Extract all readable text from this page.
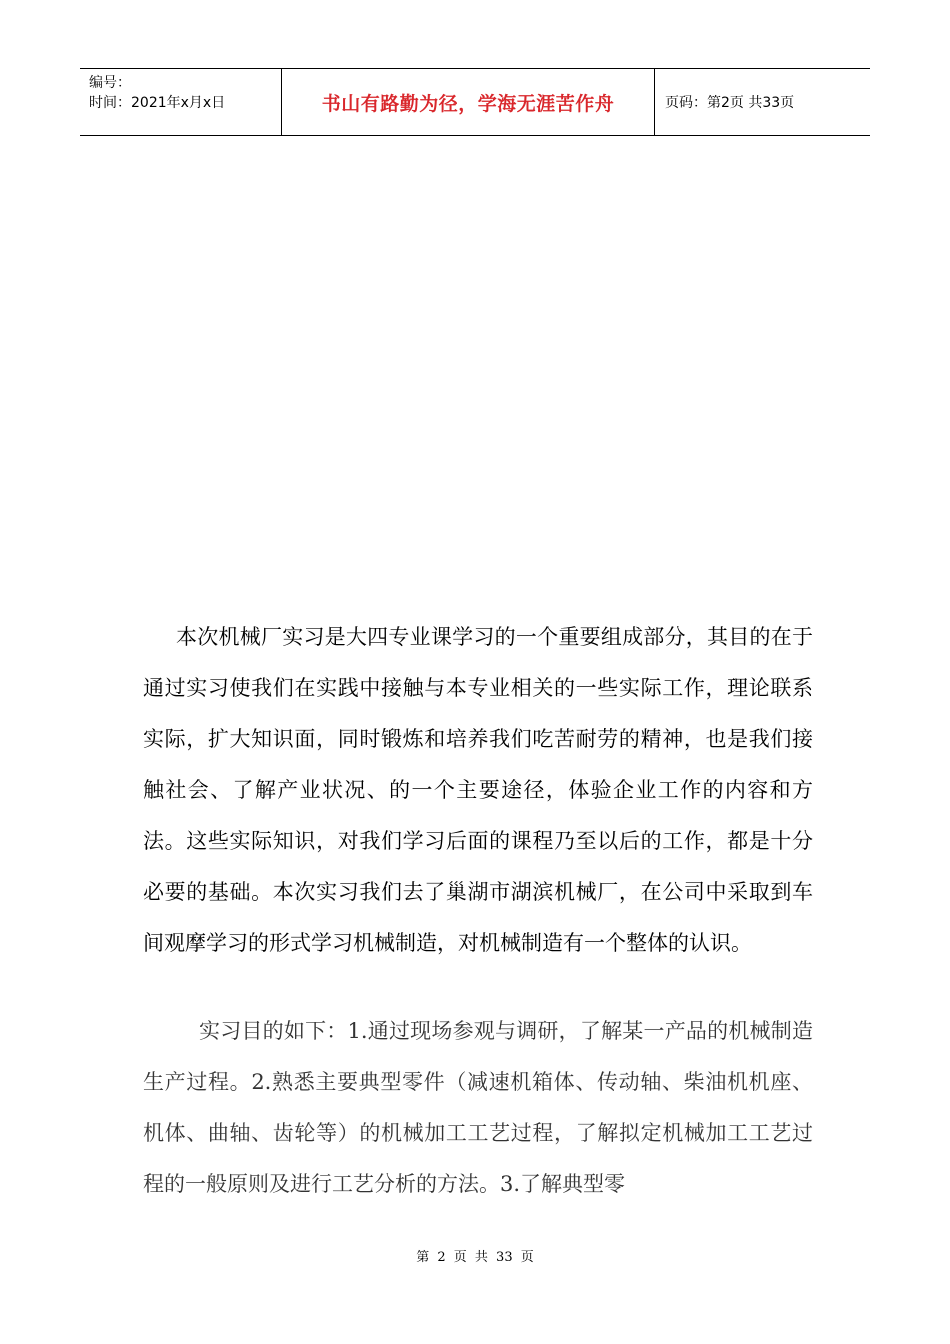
编号：
时间：2021年x月x日	书山有路勤为径，学海无涯苦作舟	页码：第2页 共33页
本次机械厂实习是大四专业课学习的一个重要组成部分，其目的在于通过实习使我们在实践中接触与本专业相关的一些实际工作，理论联系实际，扩大知识面，同时锻炼和培养我们吃苦耐劳的精神，也是我们接触社会、了解产业状况、的一个主要途径，体验企业工作的内容和方法。这些实际知识，对我们学习后面的课程乃至以后的工作，都是十分必要的基础。本次实习我们去了巢湖市湖滨机械厂，在公司中采取到车间观摩学习的形式学习机械制造，对机械制造有一个整体的认识。
实习目的如下：1.通过现场参观与调研，了解某一产品的机械制造生产过程。2.熟悉主要典型零件（减速机箱体、传动轴、柴油机机座、机体、曲轴、齿轮等）的机械加工工艺过程，了解拟定机械加工工艺过程的一般原则及进行工艺分析的方法。3.了解典型零
第 2 页 共 33 页
